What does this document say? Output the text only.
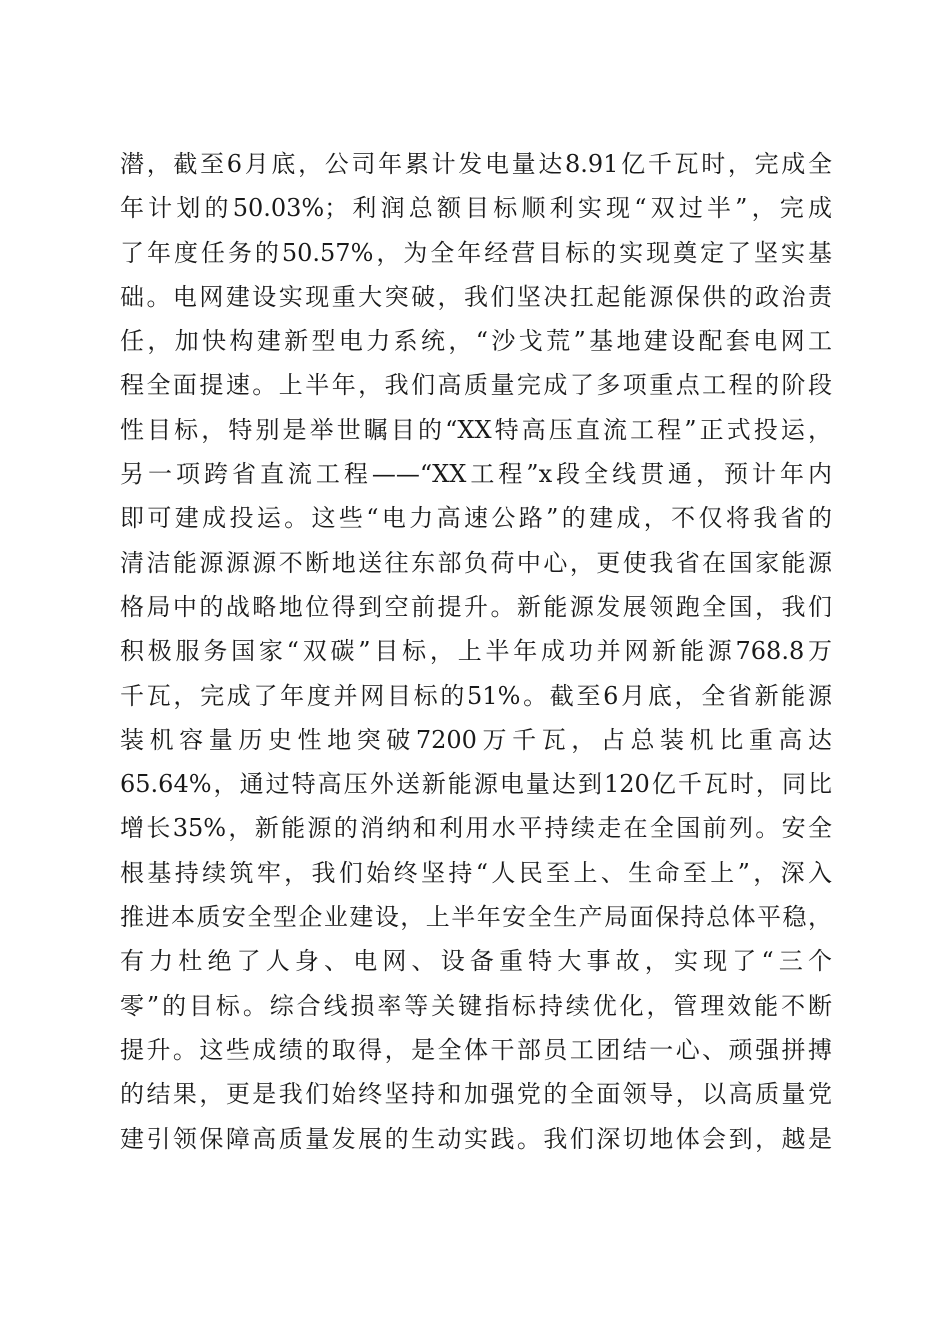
潜，截至6月底，公司年累计发电量达8.91亿千瓦时，完成全
年计划的50.03%；利润总额目标顺利实现“双过半”，完成
了年度任务的50.57%，为全年经营目标的实现奠定了坚实基
础。电网建设实现重大突破，我们坚决扛起能源保供的政治责
任，加快构建新型电力系统，“沙戈荒”基地建设配套电网工
程全面提速。上半年，我们高质量完成了多项重点工程的阶段
性目标，特别是举世瞩目的“XX特高压直流工程”正式投运，
另一项跨省直流工程——“XX工程”x段全线贯通，预计年内
即可建成投运。这些“电力高速公路”的建成，不仅将我省的
清洁能源源源不断地送往东部负荷中心，更使我省在国家能源
格局中的战略地位得到空前提升。新能源发展领跑全国，我们
积极服务国家“双碳”目标，上半年成功并网新能源768.8万
千瓦，完成了年度并网目标的51%。截至6月底，全省新能源
装机容量历史性地突破7200万千瓦，占总装机比重高达
65.64%，通过特高压外送新能源电量达到120亿千瓦时，同比
增长35%，新能源的消纳和利用水平持续走在全国前列。安全
根基持续筑牢，我们始终坚持“人民至上、生命至上”，深入
推进本质安全型企业建设，上半年安全生产局面保持总体平稳，
有力杜绝了人身、电网、设备重特大事故，实现了“三个
零”的目标。综合线损率等关键指标持续优化，管理效能不断
提升。这些成绩的取得，是全体干部员工团结一心、顽强拼搏
的结果，更是我们始终坚持和加强党的全面领导，以高质量党
建引领保障高质量发展的生动实践。我们深切地体会到，越是
